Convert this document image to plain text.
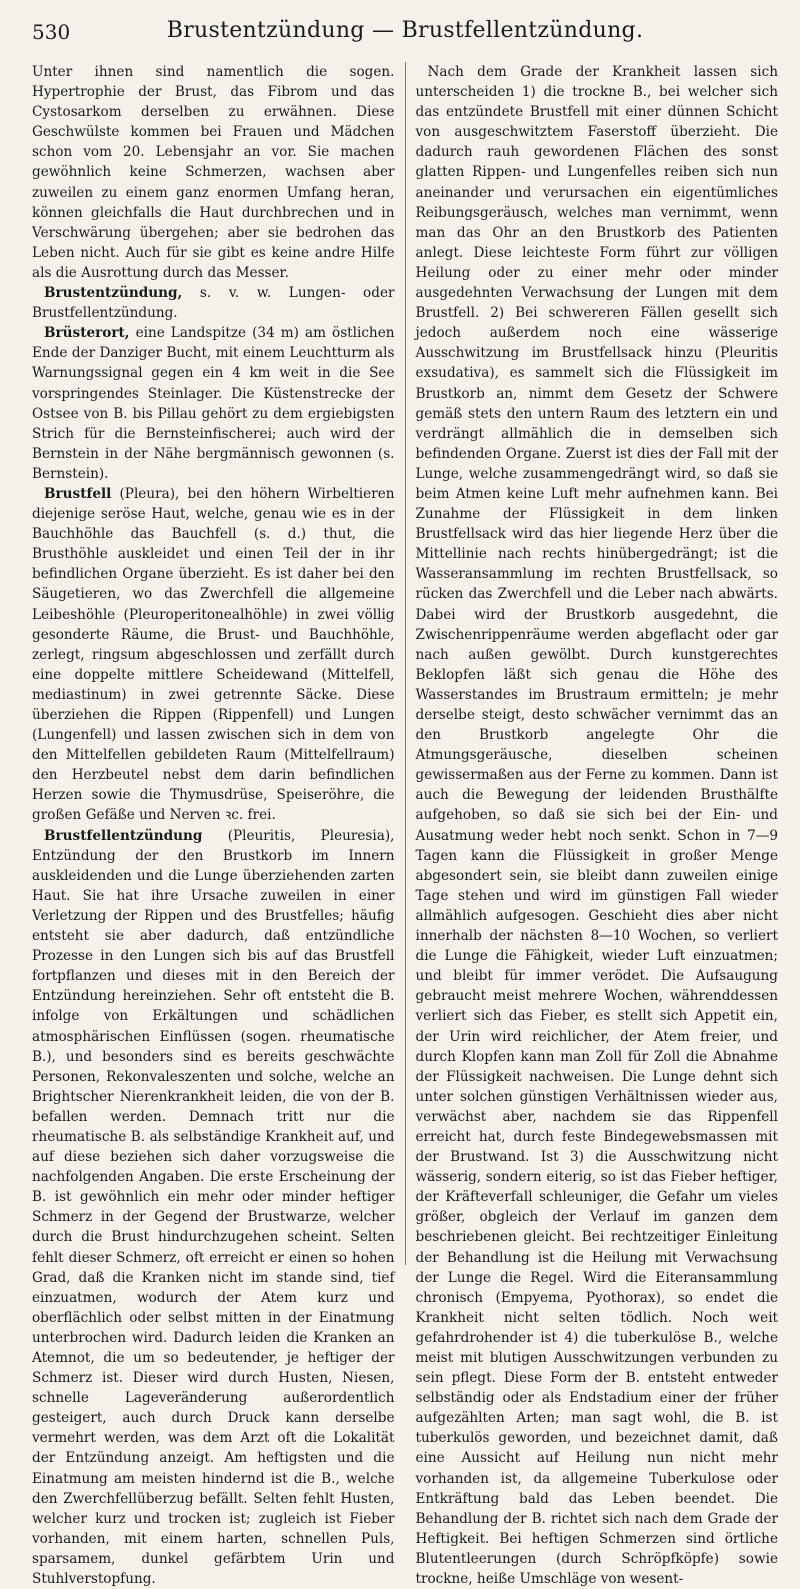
530	Brustentzündung — Brustfellentzündung.

Unter ihnen sind namentlich die sogen. Hypertrophie der Brust, das Fibrom und das Cystosarkom derselben zu erwähnen. Diese Geschwülste kommen bei Frauen und Mädchen schon vom 20. Lebensjahr an vor. Sie machen gewöhnlich keine Schmerzen, wachsen aber zuweilen zu einem ganz enormen Umfang heran, können gleichfalls die Haut durchbrechen und in Verschwärung übergehen; aber sie bedrohen das Leben nicht. Auch für sie gibt es keine andre Hilfe als die Ausrottung durch das Messer.

Brustentzündung, s. v. w. Lungen- oder Brustfellentzündung.

Brüsterort, eine Landspitze (34 m) am östlichen Ende der Danziger Bucht, mit einem Leuchtturm als Warnungssignal gegen ein 4 km weit in die See vorspringendes Steinlager. Die Küstenstrecke der Ostsee von B. bis Pillau gehört zu dem ergiebigsten Strich für die Bernsteinfischerei; auch wird der Bernstein in der Nähe bergmännisch gewonnen (s. Bernstein).

Brustfell (Pleura), bei den höhern Wirbeltieren diejenige seröse Haut, welche, genau wie es in der Bauchhöhle das Bauchfell (s. d.) thut, die Brusthöhle auskleidet und einen Teil der in ihr befindlichen Organe überzieht. Es ist daher bei den Säugetieren, wo das Zwerchfell die allgemeine Leibeshöhle (Pleuroperitonealhöhle) in zwei völlig gesonderte Räume, die Brust- und Bauchhöhle, zerlegt, ringsum abgeschlossen und zerfällt durch eine doppelte mittlere Scheidewand (Mittelfell, mediastinum) in zwei getrennte Säcke. Diese überziehen die Rippen (Rippenfell) und Lungen (Lungenfell) und lassen zwischen sich in dem von den Mittelfellen gebildeten Raum (Mittelfellraum) den Herzbeutel nebst dem darin befindlichen Herzen sowie die Thymusdrüse, Speiseröhre, die großen Gefäße und Nerven ꝛc. frei.

Brustfellentzündung (Pleuritis, Pleuresia), Entzündung der den Brustkorb im Innern auskleidenden und die Lunge überziehenden zarten Haut. Sie hat ihre Ursache zuweilen in einer Verletzung der Rippen und des Brustfelles; häufig entsteht sie aber dadurch, daß entzündliche Prozesse in den Lungen sich bis auf das Brustfell fortpflanzen und dieses mit in den Bereich der Entzündung hereinziehen. Sehr oft entsteht die B. infolge von Erkältungen und schädlichen atmosphärischen Einflüssen (sogen. rheumatische B.), und besonders sind es bereits geschwächte Personen, Rekonvaleszenten und solche, welche an Brightscher Nierenkrankheit leiden, die von der B. befallen werden. Demnach tritt nur die rheumatische B. als selbständige Krankheit auf, und auf diese beziehen sich daher vorzugsweise die nachfolgenden Angaben. Die erste Erscheinung der B. ist gewöhnlich ein mehr oder minder heftiger Schmerz in der Gegend der Brustwarze, welcher durch die Brust hindurchzugehen scheint. Selten fehlt dieser Schmerz, oft erreicht er einen so hohen Grad, daß die Kranken nicht im stande sind, tief einzuatmen, wodurch der Atem kurz und oberflächlich oder selbst mitten in der Einatmung unterbrochen wird. Dadurch leiden die Kranken an Atemnot, die um so bedeutender, je heftiger der Schmerz ist. Dieser wird durch Husten, Niesen, schnelle Lageveränderung außerordentlich gesteigert, auch durch Druck kann derselbe vermehrt werden, was dem Arzt oft die Lokalität der Entzündung anzeigt. Am heftigsten und die Einatmung am meisten hindernd ist die B., welche den Zwerchfellüberzug befällt. Selten fehlt Husten, welcher kurz und trocken ist; zugleich ist Fieber vorhanden, mit einem harten, schnellen Puls, sparsamem, dunkel gefärbtem Urin und Stuhlverstopfung.

Nach dem Grade der Krankheit lassen sich unterscheiden 1) die trockne B., bei welcher sich das entzündete Brustfell mit einer dünnen Schicht von ausgeschwitztem Faserstoff überzieht. Die dadurch rauh gewordenen Flächen des sonst glatten Rippen- und Lungenfelles reiben sich nun aneinander und verursachen ein eigentümliches Reibungsgeräusch, welches man vernimmt, wenn man das Ohr an den Brustkorb des Patienten anlegt. Diese leichteste Form führt zur völligen Heilung oder zu einer mehr oder minder ausgedehnten Verwachsung der Lungen mit dem Brustfell. 2) Bei schwereren Fällen gesellt sich jedoch außerdem noch eine wässerige Ausschwitzung im Brustfellsack hinzu (Pleuritis exsudativa), es sammelt sich die Flüssigkeit im Brustkorb an, nimmt dem Gesetz der Schwere gemäß stets den untern Raum des letztern ein und verdrängt allmählich die in demselben sich befindenden Organe. Zuerst ist dies der Fall mit der Lunge, welche zusammengedrängt wird, so daß sie beim Atmen keine Luft mehr aufnehmen kann. Bei Zunahme der Flüssigkeit in dem linken Brustfellsack wird das hier liegende Herz über die Mittellinie nach rechts hinübergedrängt; ist die Wasseransammlung im rechten Brustfellsack, so rücken das Zwerchfell und die Leber nach abwärts. Dabei wird der Brustkorb ausgedehnt, die Zwischenrippenräume werden abgeflacht oder gar nach außen gewölbt. Durch kunstgerechtes Beklopfen läßt sich genau die Höhe des Wasserstandes im Brustraum ermitteln; je mehr derselbe steigt, desto schwächer vernimmt das an den Brustkorb angelegte Ohr die Atmungsgeräusche, dieselben scheinen gewissermaßen aus der Ferne zu kommen. Dann ist auch die Bewegung der leidenden Brusthälfte aufgehoben, so daß sie sich bei der Ein- und Ausatmung weder hebt noch senkt. Schon in 7—9 Tagen kann die Flüssigkeit in großer Menge abgesondert sein, sie bleibt dann zuweilen einige Tage stehen und wird im günstigen Fall wieder allmählich aufgesogen. Geschieht dies aber nicht innerhalb der nächsten 8—10 Wochen, so verliert die Lunge die Fähigkeit, wieder Luft einzuatmen; und bleibt für immer verödet. Die Aufsaugung gebraucht meist mehrere Wochen, währenddessen verliert sich das Fieber, es stellt sich Appetit ein, der Urin wird reichlicher, der Atem freier, und durch Klopfen kann man Zoll für Zoll die Abnahme der Flüssigkeit nachweisen. Die Lunge dehnt sich unter solchen günstigen Verhältnissen wieder aus, verwächst aber, nachdem sie das Rippenfell erreicht hat, durch feste Bindegewebsmassen mit der Brustwand. Ist 3) die Ausschwitzung nicht wässerig, sondern eiterig, so ist das Fieber heftiger, der Kräfteverfall schleuniger, die Gefahr um vieles größer, obgleich der Verlauf im ganzen dem beschriebenen gleicht. Bei rechtzeitiger Einleitung der Behandlung ist die Heilung mit Verwachsung der Lunge die Regel. Wird die Eiteransammlung chronisch (Empyema, Pyothorax), so endet die Krankheit nicht selten tödlich. Noch weit gefahrdrohender ist 4) die tuberkulöse B., welche meist mit blutigen Ausschwitzungen verbunden zu sein pflegt. Diese Form der B. entsteht entweder selbständig oder als Endstadium einer der früher aufgezählten Arten; man sagt wohl, die B. ist tuberkulös geworden, und bezeichnet damit, daß eine Aussicht auf Heilung nun nicht mehr vorhanden ist, da allgemeine Tuberkulose oder Entkräftung bald das Leben beendet. Die Behandlung der B. richtet sich nach dem Grade der Heftigkeit. Bei heftigen Schmerzen sind örtliche Blutentleerungen (durch Schröpfköpfe) sowie trockne, heiße Umschläge von wesent-
